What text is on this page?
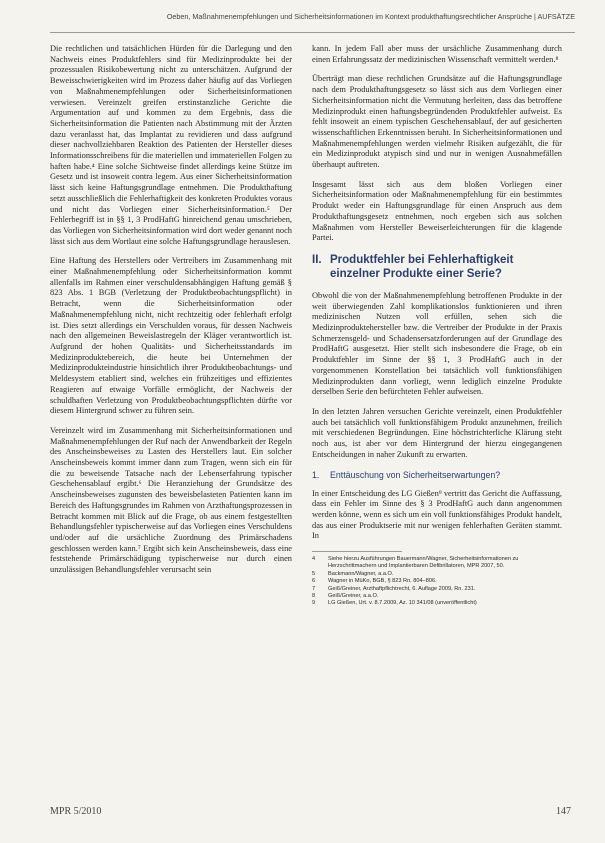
Oeben, Maßnahmenempfehlungen und Sicherheitsinformationen im Kontext produkthaftungsrechtlicher Ansprüche | AUFSÄTZE

Die rechtlichen und tatsächlichen Hürden für die Darlegung und den Nachweis eines Produktfehlers sind für Medizinprodukte bei der prozessualen Risikobewertung nicht zu unterschätzen. Aufgrund der Beweisschwierigkeiten wird im Prozess daher häufig auf das Vorliegen von Maßnahmenempfehlungen oder Sicherheitsinformationen verwiesen. Vereinzelt greifen erstinstanzliche Gerichte die Argumentation auf und kommen zu dem Ergebnis, dass die Sicherheitsinformation die Patienten nach Abstimmung mit der Ärzten dazu veranlasst hat, das Implantat zu revidieren und dass aufgrund dieser nachvollziehbaren Reaktion des Patienten der Hersteller dieses Informationsschreibens für die materiellen und immateriellen Folgen zu haften habe.⁴ Eine solche Sichtweise findet allerdings keine Stütze im Gesetz und ist insoweit contra legem. Aus einer Sicherheitsinformation lässt sich keine Haftungsgrundlage entnehmen. Die Produkthaftung setzt ausschließlich die Fehlerhaftigkeit des konkreten Produktes voraus und nicht das Vorliegen einer Sicherheitsinformation.⁵ Der Fehlerbegriff ist in §§ 1, 3 ProdHaftG hinreichend genau umschrieben, das Vorliegen von Sicherheitsinformation wird dort weder genannt noch lässt sich aus dem Wortlaut eine solche Haftungsgrundlage herauslesen.

Eine Haftung des Herstellers oder Vertreibers im Zusammenhang mit einer Maßnahmenempfehlung oder Sicherheitsinformation kommt allenfalls im Rahmen einer verschuldensabhängigen Haftung gemäß § 823 Abs. 1 BGB (Verletzung der Produktbeobachtungspflicht) in Betracht, wenn die Sicherheitsinformation oder Maßnahmenempfehlung nicht, nicht rechtzeitig oder fehlerhaft erfolgt ist. Dies setzt allerdings ein Verschulden voraus, für dessen Nachweis nach den allgemeinen Beweislastregeln der Kläger verantwortlich ist. Aufgrund der hohen Qualitäts- und Sicherheitsstandards im Medizinproduktebereich, die heute bei Unternehmen der Medizinprodukteindustrie hinsichtlich ihrer Produktbeobachtungs- und Meldesystem etabliert sind, welches ein frühzeitiges und effizientes Reagieren auf etwaige Vorfälle ermöglicht, der Nachweis der schuldhaften Verletzung von Produktbeobachtungspflichten dürfte vor diesem Hintergrund schwer zu führen sein.

Vereinzelt wird im Zusammenhang mit Sicherheitsinformationen und Maßnahmenempfehlungen der Ruf nach der Anwendbarkeit der Regeln des Anscheinsbeweises zu Lasten des Herstellers laut. Ein solcher Anscheinsbeweis kommt immer dann zum Tragen, wenn sich ein für die zu beweisende Tatsache nach der Lebenserfahrung typischer Geschehensablauf ergibt.⁶ Die Heranziehung der Grundsätze des Anscheinsbeweises zugunsten des beweisbelasteten Patienten kann im Bereich des Haftungsgrundes im Rahmen von Arzthaftungsprozessen in Betracht kommen mit Blick auf die Frage, ob aus einem festgestellten Behandlungsfehler typischerweise auf das Vorliegen eines Verschuldens und/oder auf die ursächliche Zuordnung des Primärschadens geschlossen werden kann.⁷ Ergibt sich kein Anscheinsbeweis, dass eine feststehende Primärschädigung typischerweise nur durch einen unzulässigen Behandlungsfehler verursacht sein

kann. In jedem Fall aber muss der ursächliche Zusammenhang durch einen Erfahrungssatz der medizinischen Wissenschaft vermittelt werden.⁸

Überträgt man diese rechtlichen Grundsätze auf die Haftungsgrundlage nach dem Produkthaftungsgesetz so lässt sich aus dem Vorliegen einer Sicherheitsinformation nicht die Vermutung herleiten, dass das betroffene Medizinprodukt einen haftungsbegründenden Produktfehler aufweist. Es fehlt insoweit an einem typischen Geschehensablauf, der auf gesicherten wissenschaftlichen Erkenntnissen beruht. In Sicherheitsinformationen und Maßnahmenempfehlungen werden vielmehr Risiken aufgezählt, die für ein Medizinprodukt atypisch sind und nur in wenigen Ausnahmefällen überhaupt auftreten.

Insgesamt lässt sich aus dem bloßen Vorliegen einer Sicherheitsinformation oder Maßnahmenempfehlung für ein bestimmtes Produkt weder ein Haftungsgrundlage für einen Anspruch aus dem Produkthaftungsgesetz entnehmen, noch ergeben sich aus solchen Maßnahmen vom Hersteller Beweiserleichterungen für die klagende Partei.

II. Produktfehler bei Fehlerhaftigkeit
einzelner Produkte einer Serie?

Obwohl die von der Maßnahmenempfehlung betroffenen Produkte in der weit überwiegenden Zahl komplikationslos funktionieren und ihren medizinischen Nutzen voll erfüllen, sehen sich die Medizinproduktehersteller bzw. die Vertreiber der Produkte in der Praxis Schmerzensgeld- und Schadensersatzforderungen auf der Grundlage des ProdHaftG ausgesetzt. Hier stellt sich insbesondere die Frage, ob ein Produktfehler im Sinne der §§ 1, 3 ProdHaftG auch in der vorgenommenen Konstellation bei tatsächlich voll funktionsfähigen Medizinprodukten dann vorliegt, wenn lediglich einzelne Produkte derselben Serie den befürchteten Fehler aufweisen.

In den letzten Jahren versuchen Gerichte vereinzelt, einen Produktfehler auch bei tatsächlich voll funktionsfähigem Produkt anzunehmen, freilich mit verschiedenen Begründungen. Eine höchstrichterliche Klärung steht noch aus, ist aber vor dem Hintergrund der hierzu eingegangenen Entscheidungen in naher Zukunft zu erwarten.

1. Enttäuschung von Sicherheitserwartungen?

In einer Entscheidung des LG Gießen⁹ vertritt das Gericht die Auffassung, dass ein Fehler im Sinne des § 3 ProdHaftG auch dann angenommen werden könne, wenn es sich um ein voll funktionsfähiges Produkt handelt, das aus einer Produktserie mit nur wenigen fehlerhaften Geräten stammt. In

4	Siehe hierzu Ausführungen Bauermann/Wagner, Sicherheitsinformationen zu Herzschrittmachern und Implantierbaren Defibrillatoren, MPR 2007, 50.
5	Backmann/Wagner, a.a.O.
6	Wagner in MüKo, BGB, § 823 Rn. 804–806.
7	Geiß/Greiner, Arzthaftpflichtrecht, 6. Auflage 2009, Rn. 231.
8	Geiß/Greiner, a.a.O.
9	LG Gießen, Urt. v. 8.7.2009, Az. 10 341/08 (unveröffentlicht)
MPR 5/2010	147
